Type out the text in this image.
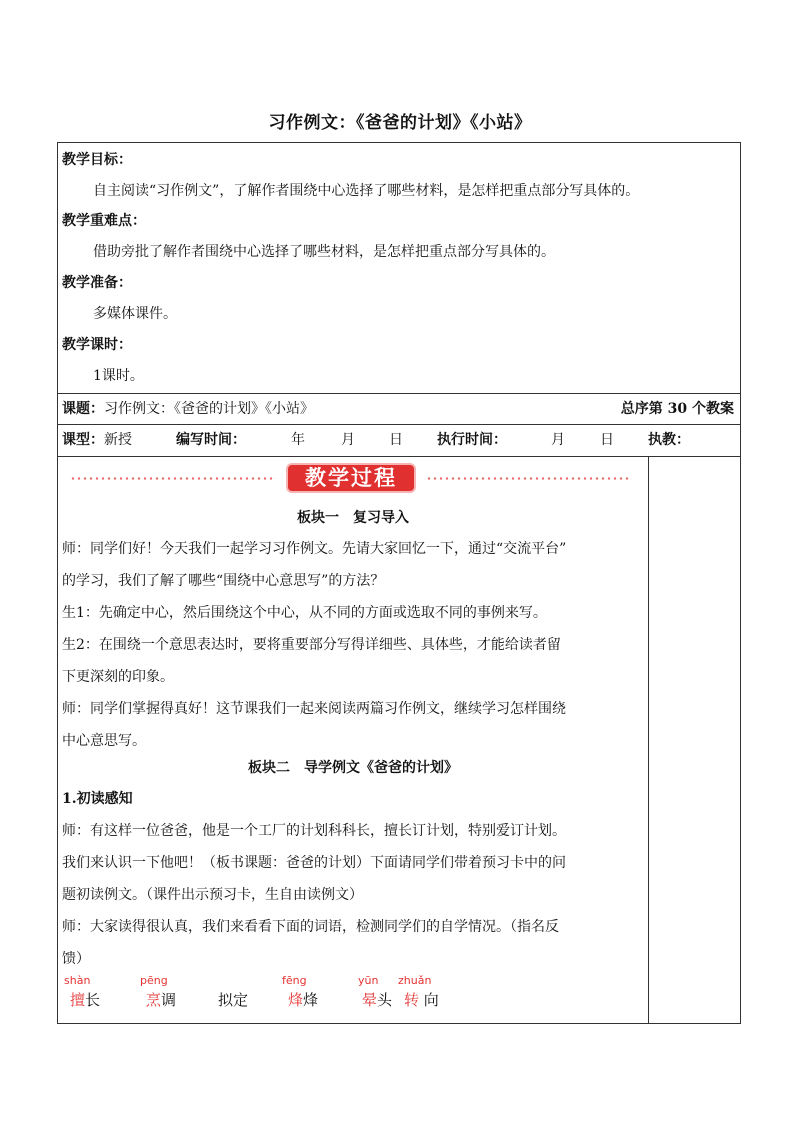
习作例文：《爸爸的计划》《小站》
教学目标：
自主阅读“习作例文”，了解作者围绕中心选择了哪些材料，是怎样把重点部分写具体的。
教学重难点：
借助旁批了解作者围绕中心选择了哪些材料，是怎样把重点部分写具体的。
教学准备：
多媒体课件。
教学课时：
1课时。
课题：习作例文：《爸爸的计划》《小站》	总序第 30 个教案
课型：新授	编写时间：	年	月 日 执行时间：	月	日 执教：
教学过程
板块一　复习导入
师：同学们好！今天我们一起学习习作例文。先请大家回忆一下，通过“交流平台”
的学习，我们了解了哪些“围绕中心意思写”的方法？
生1：先确定中心，然后围绕这个中心，从不同的方面或选取不同的事例来写。
生2：在围绕一个意思表达时，要将重要部分写得详细些、具体些，才能给读者留
下更深刻的印象。
师：同学们掌握得真好！这节课我们一起来阅读两篇习作例文，继续学习怎样围绕
中心意思写。
板块二　导学例文《爸爸的计划》
1.初读感知
师：有这样一位爸爸，他是一个工厂的计划科科长，擅长订计划，特别爱订计划。
我们来认识一下他吧！（板书课题：爸爸的计划）下面请同学们带着预习卡中的问
题初读例文。（课件出示预习卡，生自由读例文）
师：大家读得很认真，我们来看看下面的词语，检测同学们的自学情况。（指名反
馈）
shàn
擅长
pēng
烹调	拟定
fēng
烽烽
yūn
晕头
zhuǎn
转 向
